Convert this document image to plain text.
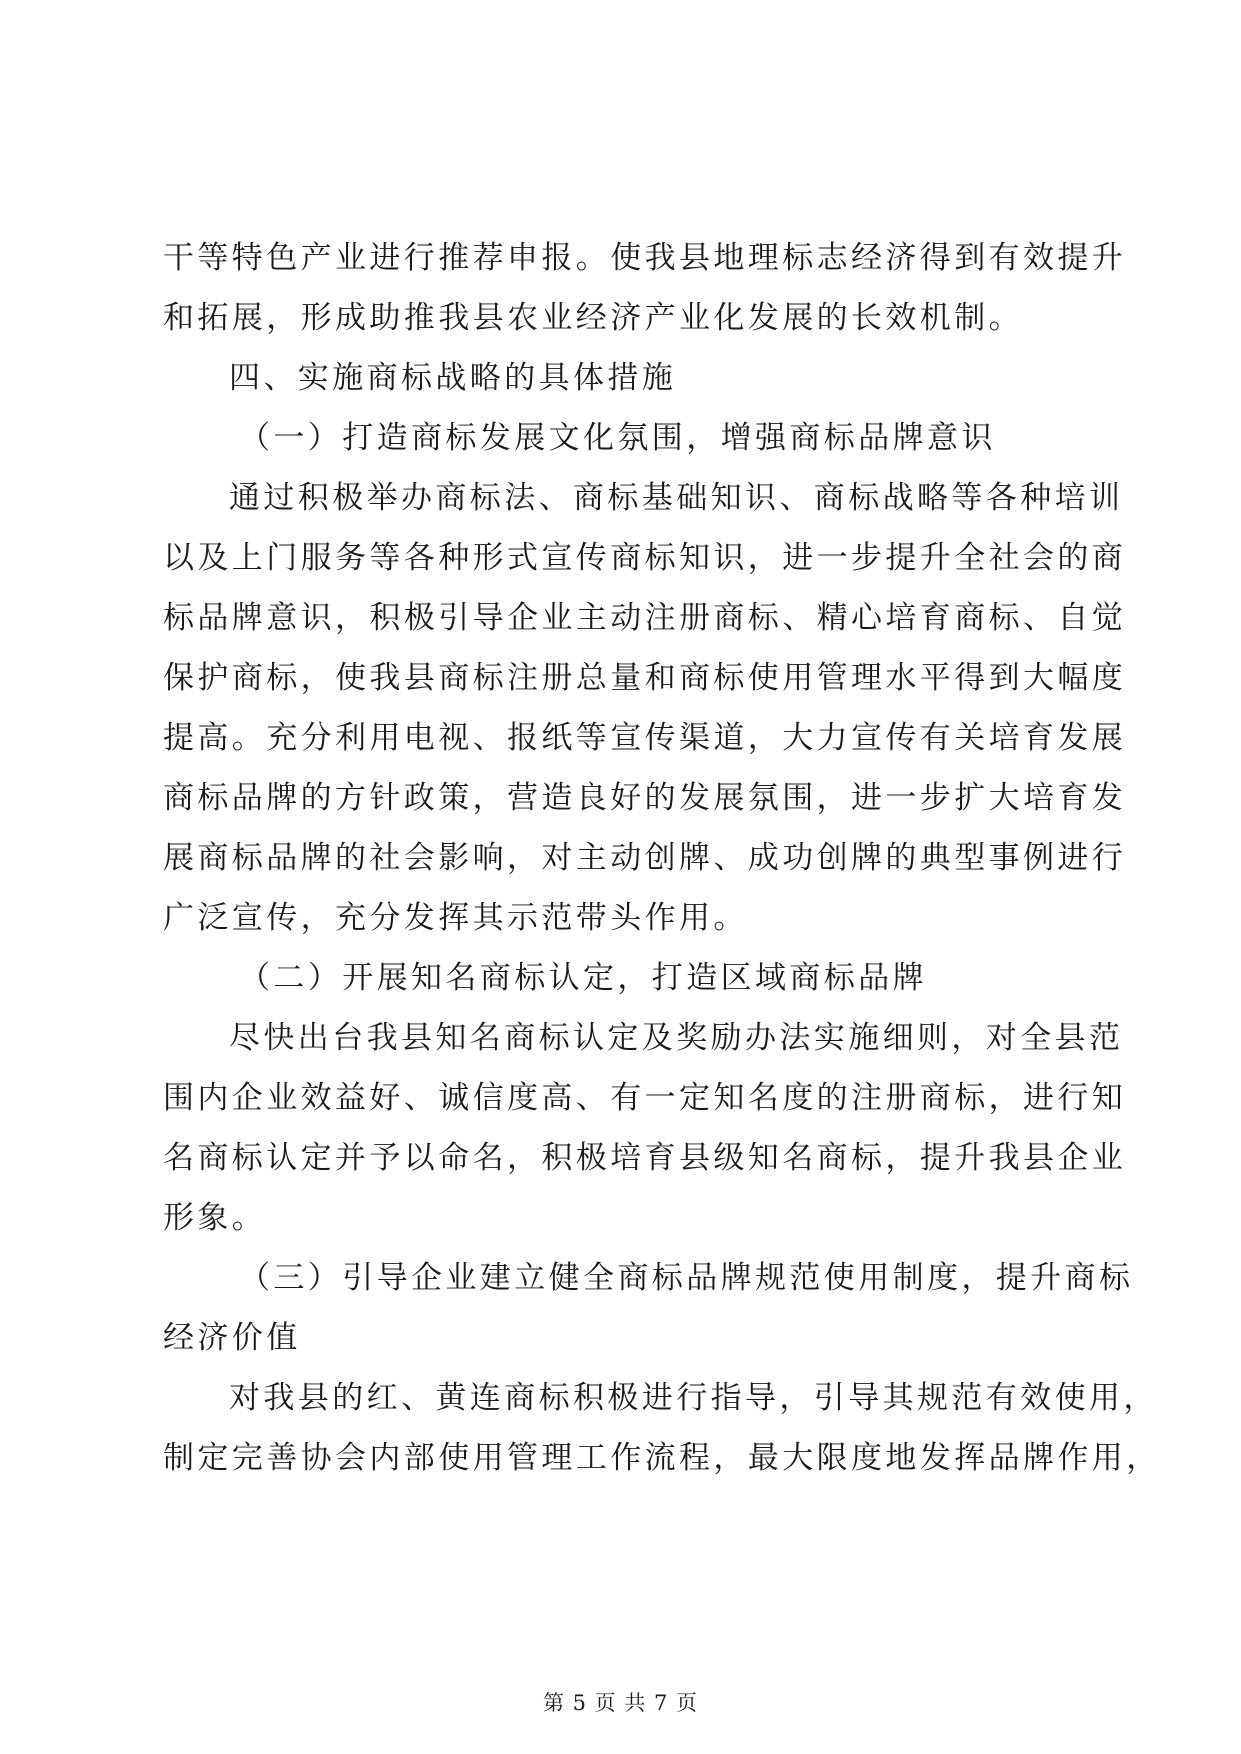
干等特色产业进行推荐申报。使我县地理标志经济得到有效提升
和拓展，形成助推我县农业经济产业化发展的长效机制。
四、实施商标战略的具体措施
（一）打造商标发展文化氛围，增强商标品牌意识
通过积极举办商标法、商标基础知识、商标战略等各种培训
以及上门服务等各种形式宣传商标知识，进一步提升全社会的商
标品牌意识，积极引导企业主动注册商标、精心培育商标、自觉
保护商标，使我县商标注册总量和商标使用管理水平得到大幅度
提高。充分利用电视、报纸等宣传渠道，大力宣传有关培育发展
商标品牌的方针政策，营造良好的发展氛围，进一步扩大培育发
展商标品牌的社会影响，对主动创牌、成功创牌的典型事例进行
广泛宣传，充分发挥其示范带头作用。
（二）开展知名商标认定，打造区域商标品牌
尽快出台我县知名商标认定及奖励办法实施细则，对全县范
围内企业效益好、诚信度高、有一定知名度的注册商标，进行知
名商标认定并予以命名，积极培育县级知名商标，提升我县企业
形象。
（三）引导企业建立健全商标品牌规范使用制度，提升商标
经济价值
对我县的红、黄连商标积极进行指导，引导其规范有效使用，
制定完善协会内部使用管理工作流程，最大限度地发挥品牌作用，
第 5 页 共 7 页
